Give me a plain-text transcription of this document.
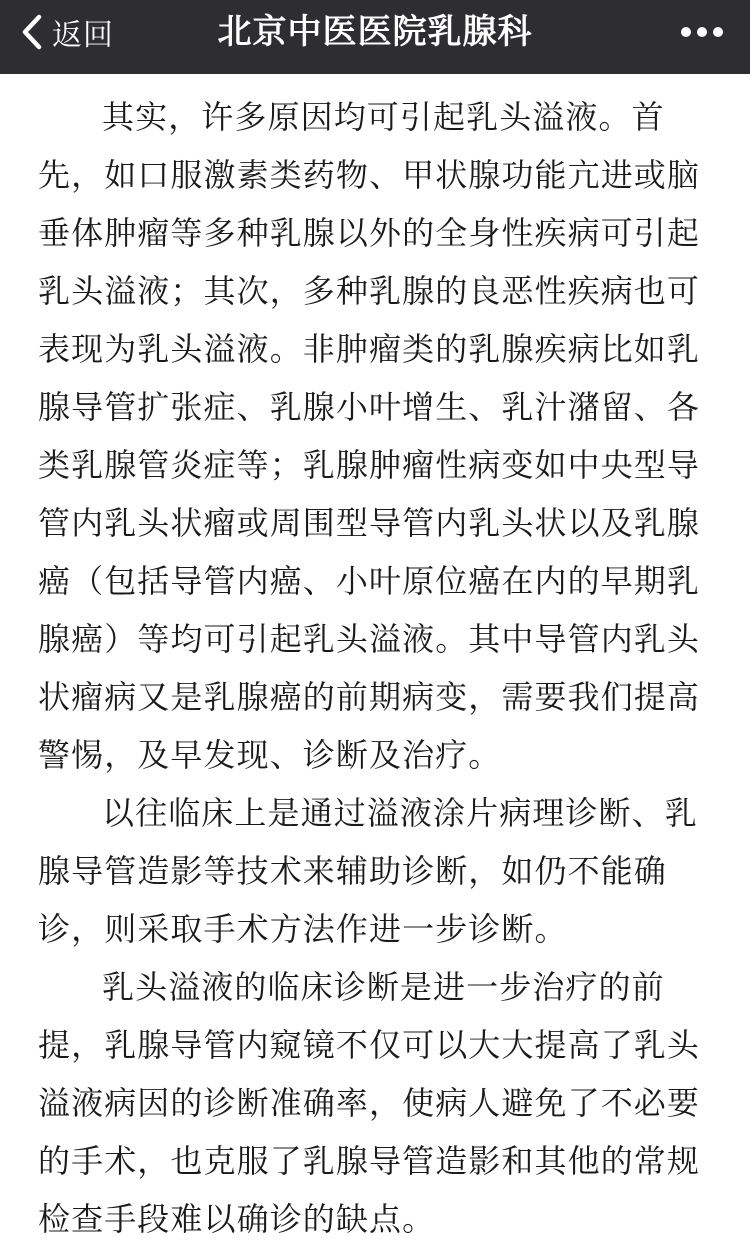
返回	北京中医医院乳腺科

其实，许多原因均可引起乳头溢液。首先，如口服激素类药物、甲状腺功能亢进或脑垂体肿瘤等多种乳腺以外的全身性疾病可引起乳头溢液；其次，多种乳腺的良恶性疾病也可表现为乳头溢液。非肿瘤类的乳腺疾病比如乳腺导管扩张症、乳腺小叶增生、乳汁潴留、各类乳腺管炎症等；乳腺肿瘤性病变如中央型导管内乳头状瘤或周围型导管内乳头状以及乳腺癌（包括导管内癌、小叶原位癌在内的早期乳腺癌）等均可引起乳头溢液。其中导管内乳头状瘤病又是乳腺癌的前期病变，需要我们提高警惕，及早发现、诊断及治疗。

以往临床上是通过溢液涂片病理诊断、乳腺导管造影等技术来辅助诊断，如仍不能确诊，则采取手术方法作进一步诊断。

乳头溢液的临床诊断是进一步治疗的前提，乳腺导管内窥镜不仅可以大大提高了乳头溢液病因的诊断准确率，使病人避免了不必要的手术，也克服了乳腺导管造影和其他的常规检查手段难以确诊的缺点。
